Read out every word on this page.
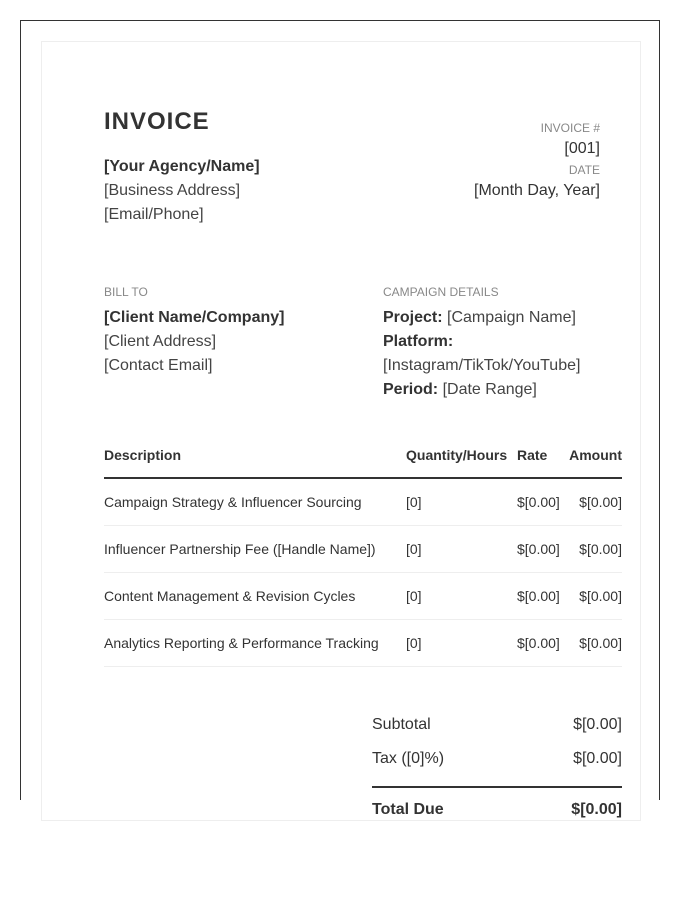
INVOICE
[Your Agency/Name]
[Business Address]
[Email/Phone]
INVOICE #
[001]
DATE
[Month Day, Year]
BILL TO
[Client Name/Company]
[Client Address]
[Contact Email]
CAMPAIGN DETAILS
Project: [Campaign Name]
Platform:
[Instagram/TikTok/YouTube]
Period: [Date Range]
Description	Quantity/Hours	Rate	Amount
Campaign Strategy & Influencer Sourcing	[0]	$[0.00]	$[0.00]
Influencer Partnership Fee ([Handle Name])	[0]	$[0.00]	$[0.00]
Content Management & Revision Cycles	[0]	$[0.00]	$[0.00]
Analytics Reporting & Performance Tracking	[0]	$[0.00]	$[0.00]
Subtotal	$[0.00]
Tax ([0]%)	$[0.00]
Total Due	$[0.00]
